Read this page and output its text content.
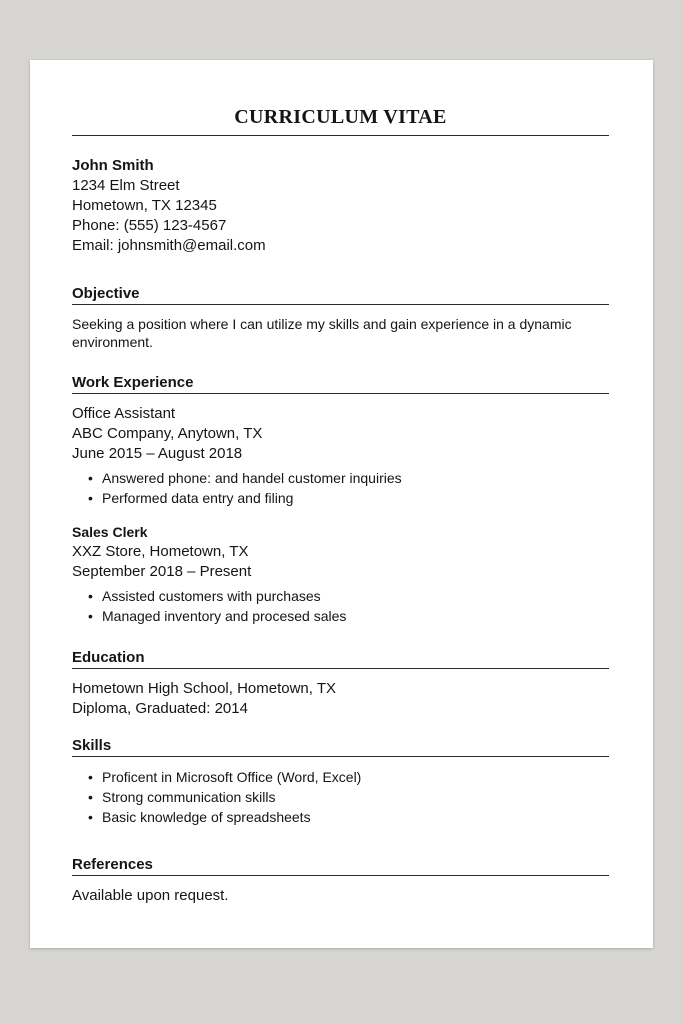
CURRICULUM VITAE
John Smith
1234 Elm Street
Hometown, TX 12345
Phone: (555) 123-4567
Email: johnsmith@email.com
Objective
Seeking a position where I can utilize my skills and gain experience in a dynamic environment.
Work Experience
Office Assistant
ABC Company, Anytown, TX
June 2015 – August 2018
• Answered phone: and handel customer inquiries
• Performed data entry and filing
Sales Clerk
XXZ Store, Hometown, TX
September 2018 – Present
• Assisted customers with purchases
• Managed inventory and procesed sales
Education
Hometown High School, Hometown, TX
Diploma, Graduated: 2014
Skills
• Proficent in Microsoft Office (Word, Excel)
• Strong communication skills
• Basic knowledge of spreadsheets
References
Available upon request.
